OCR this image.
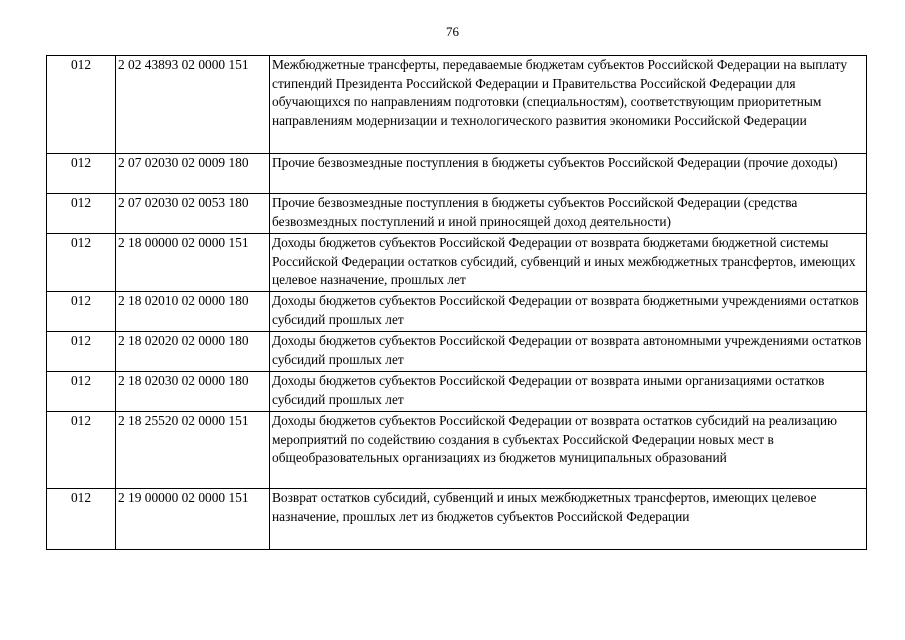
76
012	2 02 43893 02 0000 151	Межбюджетные трансферты, передаваемые бюджетам субъектов Российской Федерации на выплату стипендий Президента Российской Федерации и Правительства Российской Федерации для обучающихся по направлениям подготовки (специальностям), соответствующим приоритетным направлениям модернизации и технологического развития экономики Российской Федерации
012	2 07 02030 02 0009 180	Прочие безвозмездные поступления в бюджеты субъектов Российской Федерации (прочие доходы)
012	2 07 02030 02 0053 180	Прочие безвозмездные поступления в бюджеты субъектов Российской Федерации (средства безвозмездных поступлений и иной приносящей доход деятельности)
012	2 18 00000 02 0000 151	Доходы бюджетов субъектов Российской Федерации от возврата бюджетами бюджетной системы Российской Федерации остатков субсидий, субвенций и иных межбюджетных трансфертов, имеющих целевое назначение, прошлых лет
012	2 18 02010 02 0000 180	Доходы бюджетов субъектов Российской Федерации от возврата бюджетными учреждениями остатков субсидий прошлых лет
012	2 18 02020 02 0000 180	Доходы бюджетов субъектов Российской Федерации от возврата автономными учреждениями остатков субсидий прошлых лет
012	2 18 02030 02 0000 180	Доходы бюджетов субъектов Российской Федерации от возврата иными организациями остатков субсидий прошлых лет
012	2 18 25520 02 0000 151	Доходы бюджетов субъектов Российской Федерации от возврата остатков субсидий на реализацию мероприятий по содействию создания в субъектах Российской Федерации новых мест в общеобразовательных организациях из бюджетов муниципальных образований
012	2 19 00000 02 0000 151	Возврат остатков субсидий, субвенций и иных межбюджетных трансфертов, имеющих целевое назначение, прошлых лет из бюджетов субъектов Российской Федерации
